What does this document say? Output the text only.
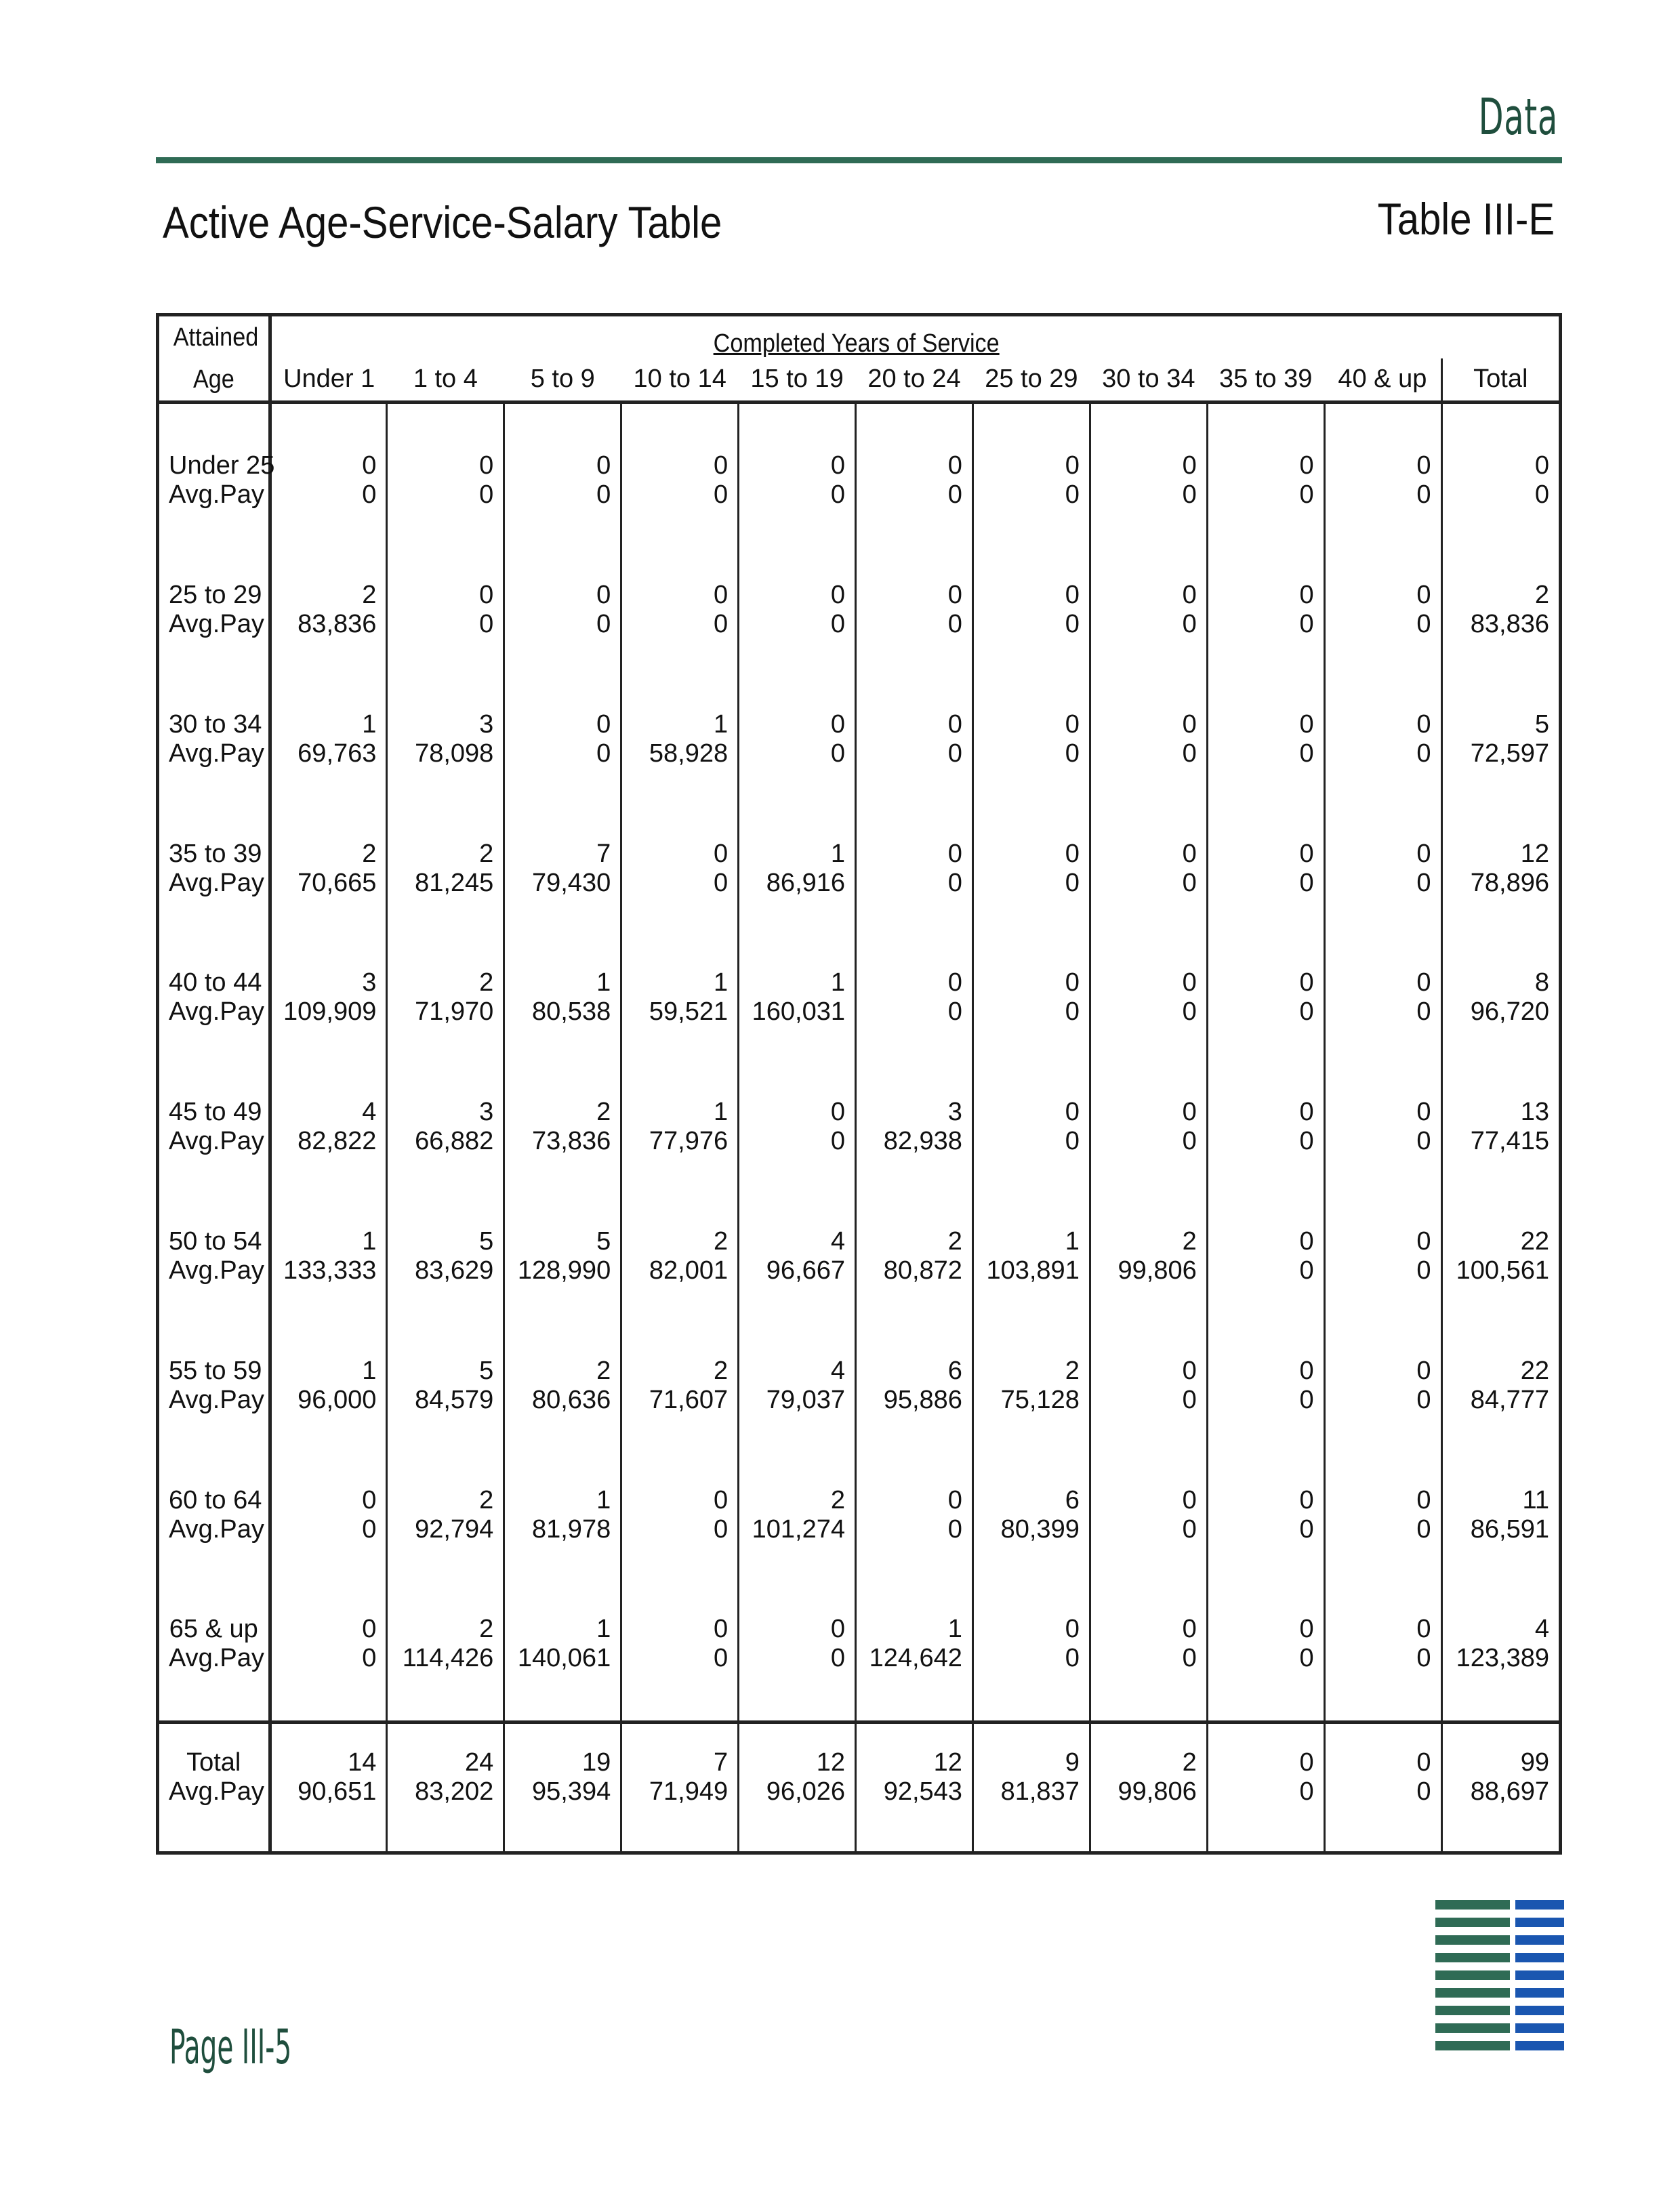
Data
Active Age-Service-Salary Table	Table III-E
Attained
Age	Completed Years of Service										
	Under 1	1 to 4	5 to 9	10 to 14	15 to 19	20 to 24	25 to 29	30 to 34	35 to 39	40 & up	Total

Under 25	0	0	0	0	0	0	0	0	0	0	0
Avg.Pay	0	0	0	0	0	0	0	0	0	0	0

25 to 29	2	0	0	0	0	0	0	0	0	0	2
Avg.Pay	83,836	0	0	0	0	0	0	0	0	0	83,836

30 to 34	1	3	0	1	0	0	0	0	0	0	5
Avg.Pay	69,763	78,098	0	58,928	0	0	0	0	0	0	72,597

35 to 39	2	2	7	0	1	0	0	0	0	0	12
Avg.Pay	70,665	81,245	79,430	0	86,916	0	0	0	0	0	78,896

40 to 44	3	2	1	1	1	0	0	0	0	0	8
Avg.Pay	109,909	71,970	80,538	59,521	160,031	0	0	0	0	0	96,720

45 to 49	4	3	2	1	0	3	0	0	0	0	13
Avg.Pay	82,822	66,882	73,836	77,976	0	82,938	0	0	0	0	77,415

50 to 54	1	5	5	2	4	2	1	2	0	0	22
Avg.Pay	133,333	83,629	128,990	82,001	96,667	80,872	103,891	99,806	0	0	100,561

55 to 59	1	5	2	2	4	6	2	0	0	0	22
Avg.Pay	96,000	84,579	80,636	71,607	79,037	95,886	75,128	0	0	0	84,777

60 to 64	0	2	1	0	2	0	6	0	0	0	11
Avg.Pay	0	92,794	81,978	0	101,274	0	80,399	0	0	0	86,591

65 & up	0	2	1	0	0	1	0	0	0	0	4
Avg.Pay	0	114,426	140,061	0	0	124,642	0	0	0	0	123,389

Total	14	24	19	7	12	12	9	2	0	0	99
Avg.Pay	90,651	83,202	95,394	71,949	96,026	92,543	81,837	99,806	0	0	88,697

Page III-5
